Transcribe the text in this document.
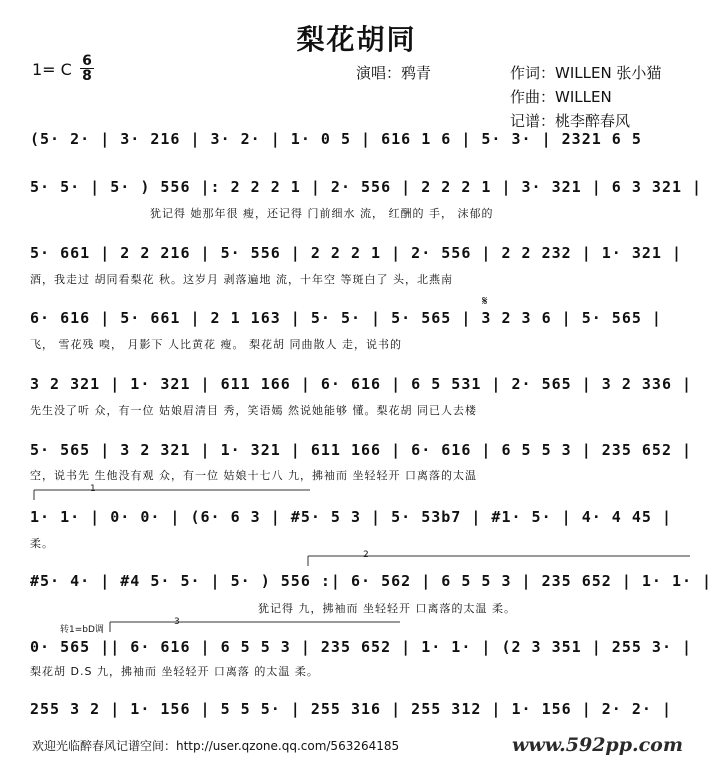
梨花胡同
1= C $\frac{6}{8}$	演唱：鸦青	作词：WILLEN 张小猫
作曲：WILLEN
记谱：桃李醉春风
(5· 2· | 3· 216 | 3· 2· | 1· 0 5 | 616 1 6 | 5· 3· | 2321 6 5
5· 5· | 5· ) 556 |: 2 2 2 1 | 2· 556 | 2 2 2 1 | 3· 321 | 6 3 321 |
犹记得 她那年很 瘦，还记得 门前细水 流， 红酬的 手， 沫郁的
5· 661 | 2 2 216 | 5· 556 | 2 2 2 1 | 2· 556 | 2 2 232 | 1· 321 |
酒，我走过 胡同看梨花 秋。这岁月 剥落遍地 流，十年空 等斑白了 头，北燕南
6· 616 | 5· 661 | 2 1 163 | 5· 5· | 5· 565 | 3 2 3 6 | 5· 565 |
飞， 雪花残 嗅， 月影下 人比黄花 瘦。 梨花胡 同曲散人 走，说书的
3 2 321 | 1· 321 | 611 166 | 6· 616 | 6 5 531 | 2· 565 | 3 2 336 |
先生没了听 众，有一位 姑娘眉清目 秀，笑语嫣 然说她能够 懂。梨花胡 同已人去楼
5· 565 | 3 2 321 | 1· 321 | 611 166 | 6· 616 | 6 5 5 3 | 235 652 |
空，说书先 生他没有观 众，有一位 姑娘十七八 九，拂袖而 坐轻轻开 口离落的太温
1· 1· | 0· 0· | (6· 6 3 | #5· 5 3 | 5· 53b7 | #1· 5· | 4· 4 45 |
柔。
#5· 4· | #4 5· 5· | 5· ) 556 :| 6· 562 | 6 5 5 3 | 235 652 | 1· 1· |
犹记得 九，拂袖而 坐轻轻开 口离落的太温 柔。
转1=bD调
0· 565 || 6· 616 | 6 5 5 3 | 235 652 | 1· 1· | (2 3 351 | 255 3· |
梨花胡 D.S 九，拂袖而 坐轻轻开 口离落 的太温 柔。
255 3 2 | 1· 156 | 5 5 5· | 255 316 | 255 312 | 1· 156 | 2· 2· |
1
2
3
𝄋
欢迎光临醉春风记谱空间：http://user.qzone.qq.com/563264185	www.592pp.com
